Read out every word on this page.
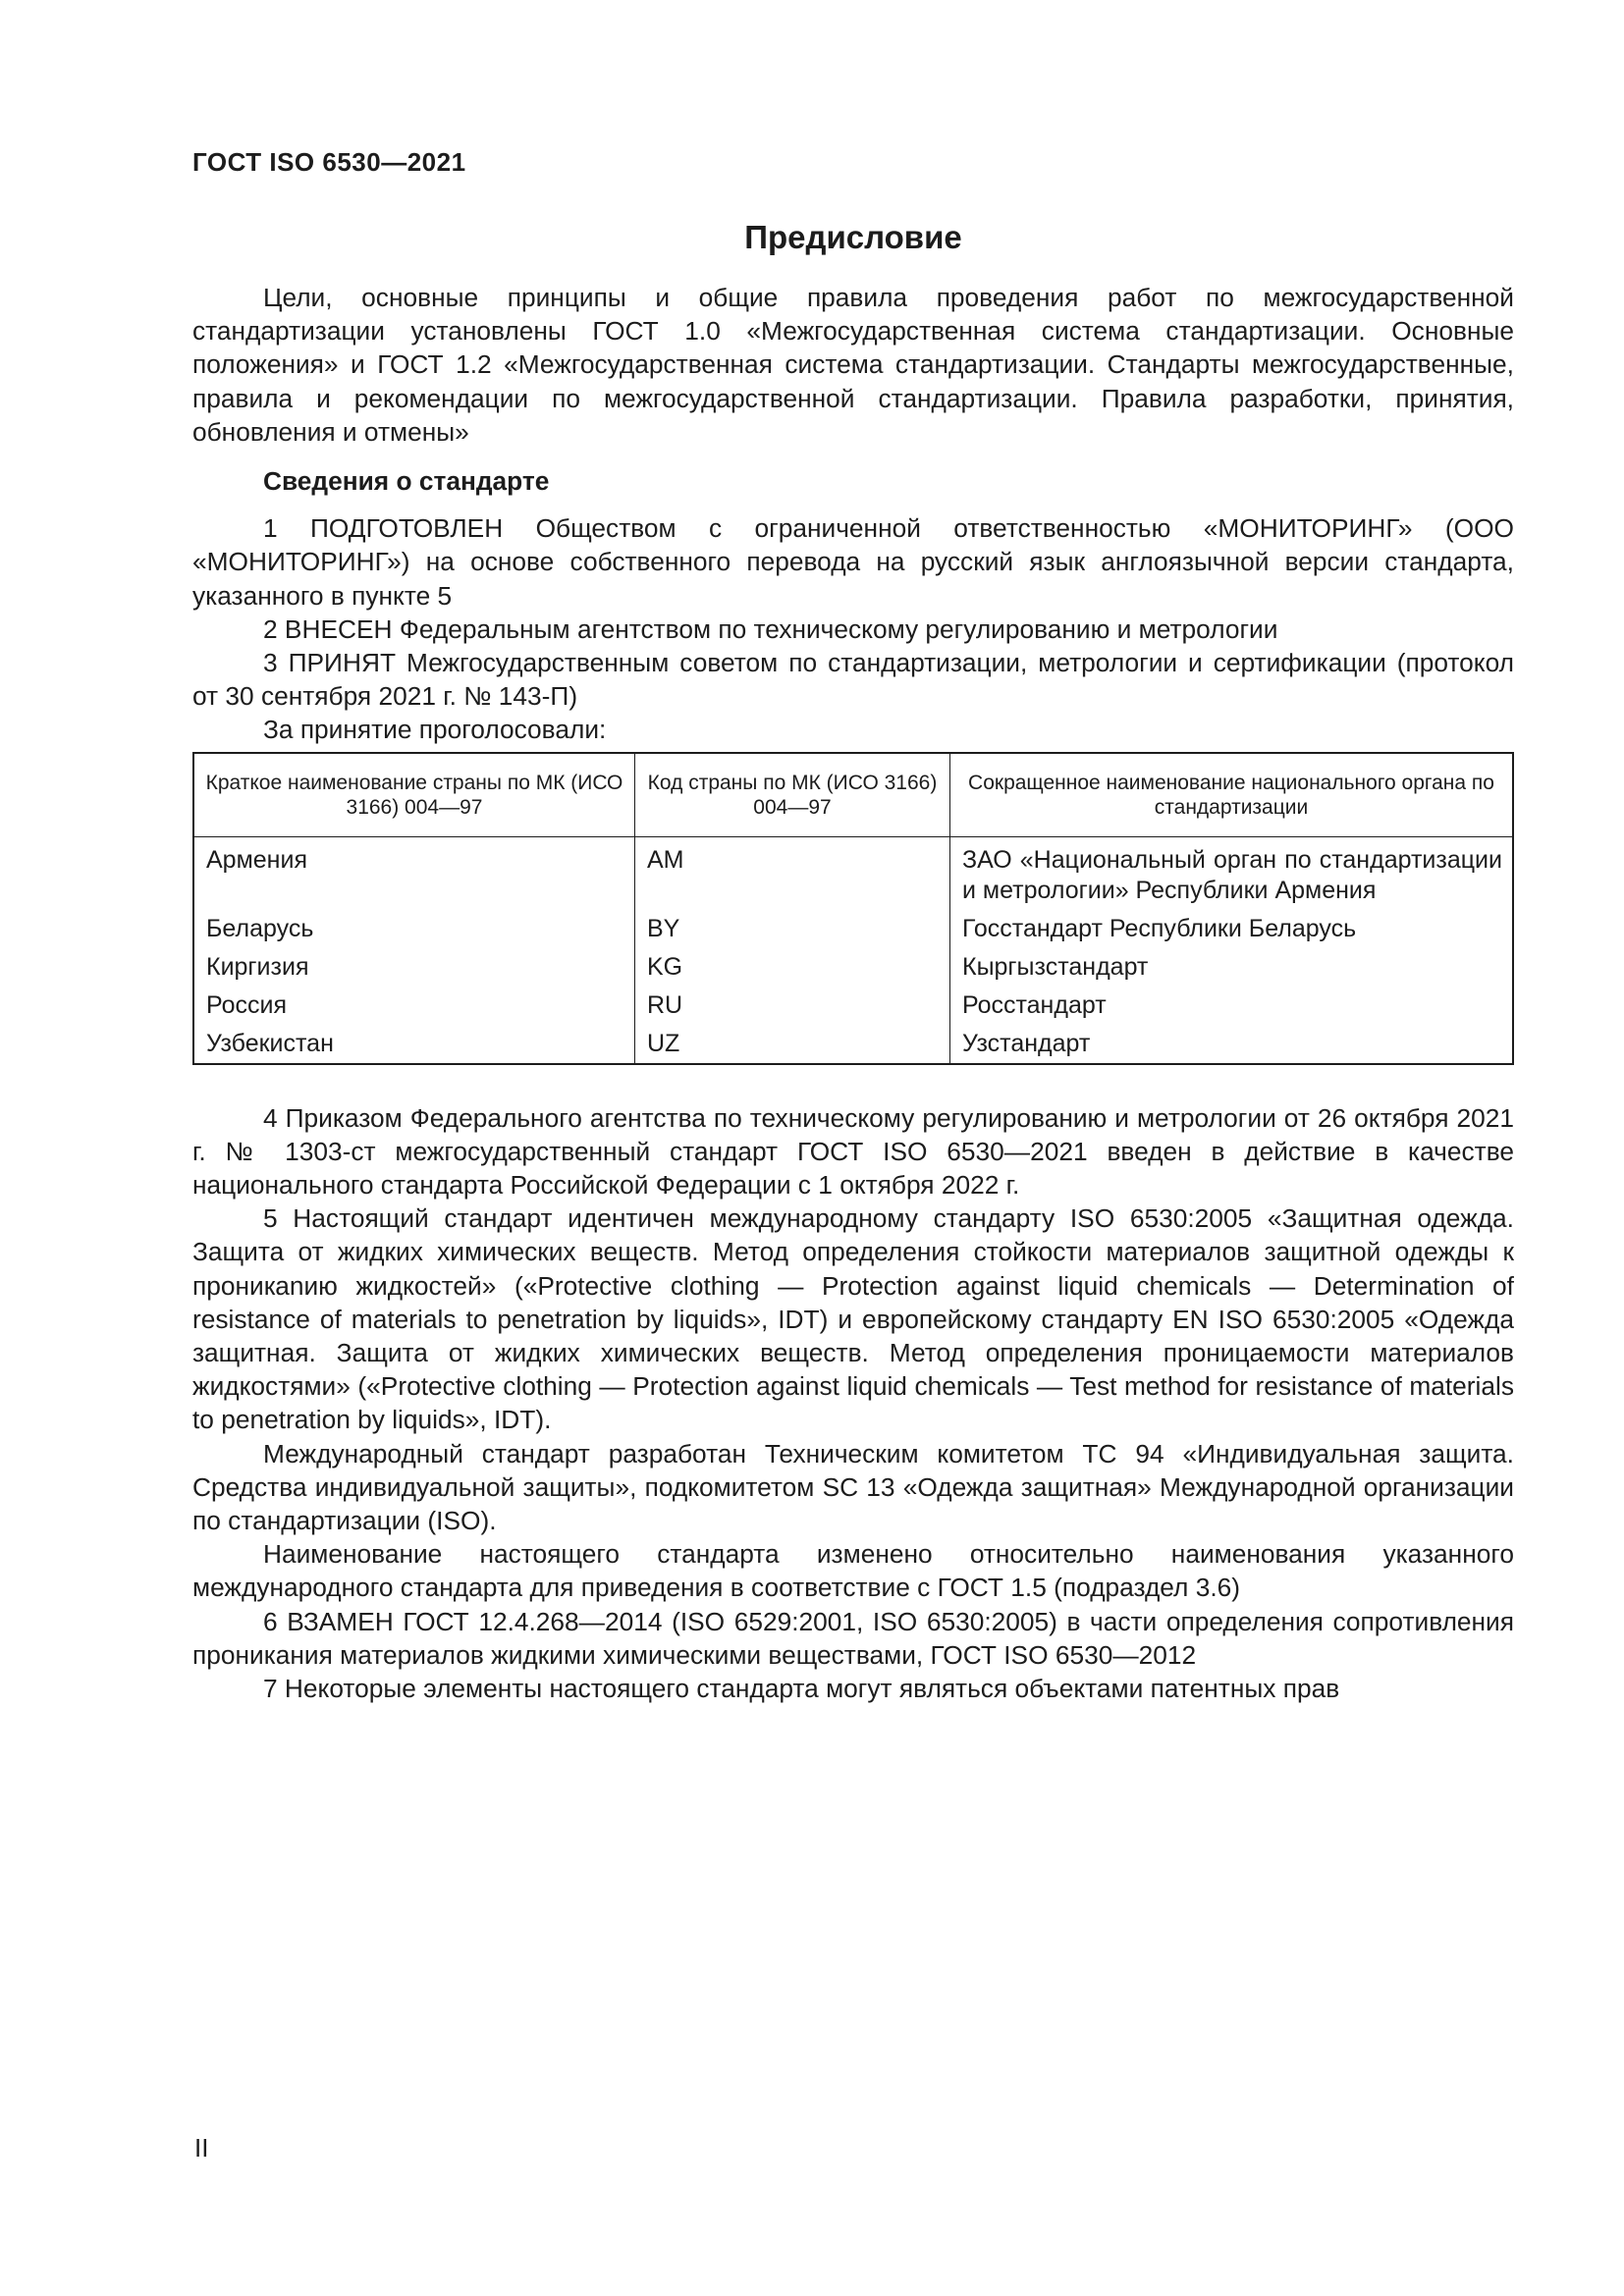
ГОСТ ISO 6530—2021
Предисловие

Цели, основные принципы и общие правила проведения работ по межгосударственной стандартизации установлены ГОСТ 1.0 «Межгосударственная система стандартизации. Основные положения» и ГОСТ 1.2 «Межгосударственная система стандартизации. Стандарты межгосударственные, правила и рекомендации по межгосударственной стандартизации. Правила разработки, принятия, обновления и отмены»

Сведения о стандарте

1 ПОДГОТОВЛЕН Обществом с ограниченной ответственностью «МОНИТОРИНГ» (ООО «МОНИТОРИНГ») на основе собственного перевода на русский язык англоязычной версии стандарта, указанного в пункте 5

2 ВНЕСЕН Федеральным агентством по техническому регулированию и метрологии

3 ПРИНЯТ Межгосударственным советом по стандартизации, метрологии и сертификации (протокол от 30 сентября 2021 г. № 143-П)

За принятие проголосовали:

Краткое наименование страны по МК (ИСО 3166) 004—97	Код страны по МК (ИСО 3166) 004—97	Сокращенное наименование национального органа по стандартизации
Армения	AM	ЗАО «Национальный орган по стандартизации и метрологии» Республики Армения
Беларусь	BY	Госстандарт Республики Беларусь
Киргизия	KG	Кыргызстандарт
Россия	RU	Росстандарт
Узбекистан	UZ	Узстандарт

4 Приказом Федерального агентства по техническому регулированию и метрологии от 26 октября 2021 г. № 1303-ст межгосударственный стандарт ГОСТ ISO 6530—2021 введен в действие в качестве национального стандарта Российской Федерации с 1 октября 2022 г.

5 Настоящий стандарт идентичен международному стандарту ISO 6530:2005 «Защитная одежда. Защита от жидких химических веществ. Метод определения стойкости материалов защитной одежды к проникanию жидкостей» («Protective clothing — Protection against liquid chemicals — Determination of resistance of materials to penetration by liquids», IDT) и европейскому стандарту EN ISO 6530:2005 «Одежда защитная. Защита от жидких химических веществ. Метод определения проницаемости материалов жидкостями» («Protective clothing — Protection against liquid chemicals — Test method for resistance of materials to penetration by liquids», IDT).

Международный стандарт разработан Техническим комитетом ТС 94 «Индивидуальная защита. Средства индивидуальной защиты», подкомитетом SC 13 «Одежда защитная» Международной организации по стандартизации (ISO).

Наименование настоящего стандарта изменено относительно наименования указанного международного стандарта для приведения в соответствие с ГОСТ 1.5 (подраздел 3.6)

6 ВЗАМЕН ГОСТ 12.4.268—2014 (ISO 6529:2001, ISO 6530:2005) в части определения сопротивления проникания материалов жидкими химическими веществами, ГОСТ ISO 6530—2012

7 Некоторые элементы настоящего стандарта могут являться объектами патентных прав

II
